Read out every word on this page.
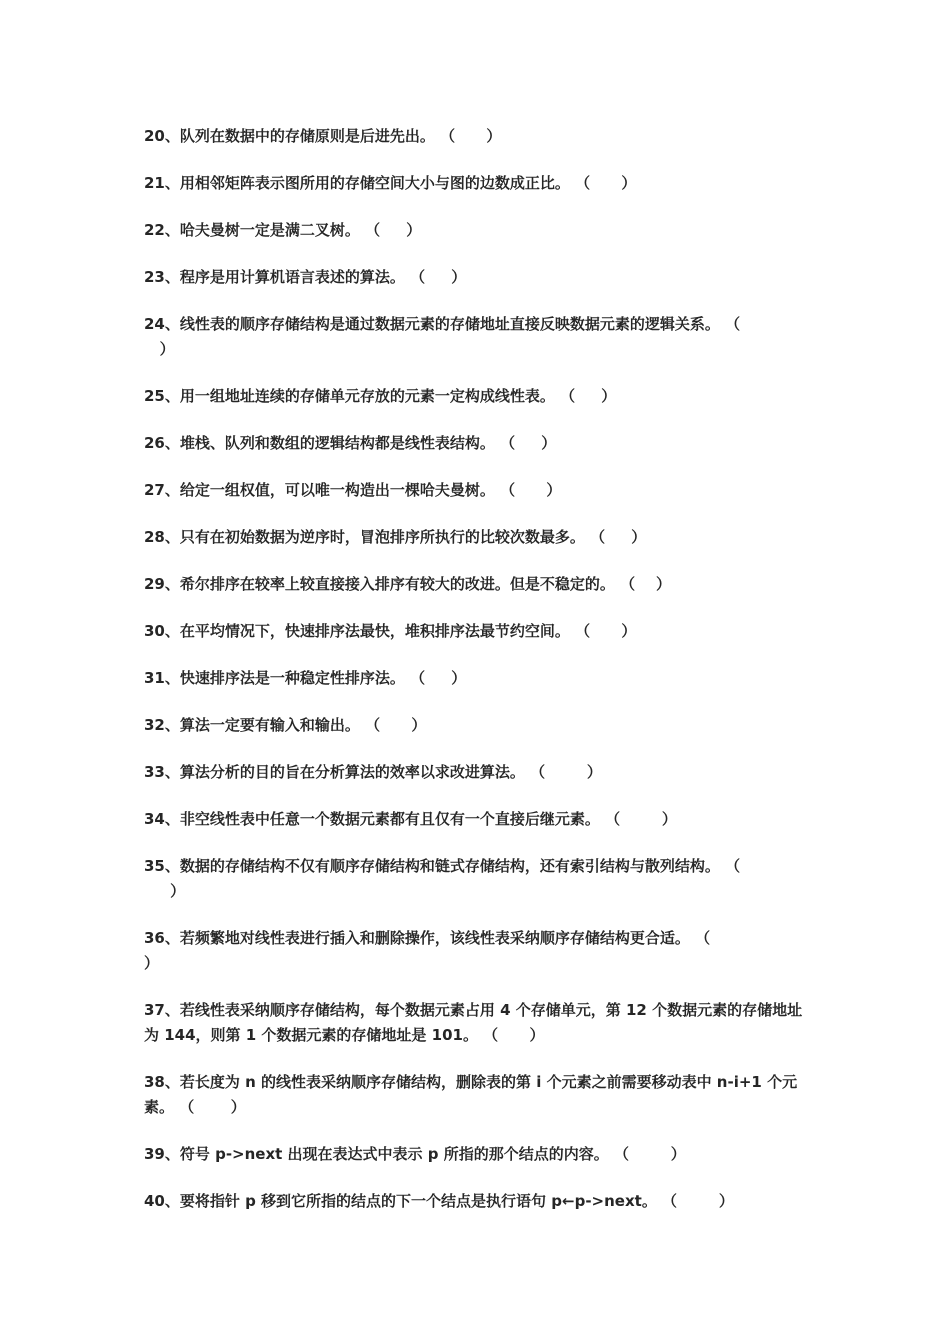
20、队列在数据中的存储原则是后进先出。 （      ）

21、用相邻矩阵表示图所用的存储空间大小与图的边数成正比。 （      ）

22、哈夫曼树一定是满二叉树。 （     ）

23、程序是用计算机语言表述的算法。 （     ）

24、线性表的顺序存储结构是通过数据元素的存储地址直接反映数据元素的逻辑关系。 （
）

25、用一组地址连续的存储单元存放的元素一定构成线性表。 （     ）

26、堆栈、队列和数组的逻辑结构都是线性表结构。 （     ）

27、给定一组权值，可以唯一构造出一棵哈夫曼树。 （      ）

28、只有在初始数据为逆序时，冒泡排序所执行的比较次数最多。 （     ）

29、希尔排序在较率上较直接接入排序有较大的改进。但是不稳定的。 （    ）

30、在平均情况下，快速排序法最快，堆积排序法最节约空间。 （      ）

31、快速排序法是一种稳定性排序法。 （     ）

32、算法一定要有输入和输出。 （      ）

33、算法分析的目的旨在分析算法的效率以求改进算法。 （        ）

34、非空线性表中任意一个数据元素都有且仅有一个直接后继元素。 （        ）

35、数据的存储结构不仅有顺序存储结构和链式存储结构，还有索引结构与散列结构。 （
）

36、若频繁地对线性表进行插入和删除操作，该线性表采纳顺序存储结构更合适。 （
）

37、若线性表采纳顺序存储结构，每个数据元素占用 4 个存储单元，第 12 个数据元素的存储地址为 144，则第 1 个数据元素的存储地址是 101。 （      ）

38、若长度为 n 的线性表采纳顺序存储结构，删除表的第 i 个元素之前需要移动表中 n-i+1 个元素。 （       ）

39、符号 p->next 出现在表达式中表示 p 所指的那个结点的内容。 （        ）

40、要将指针 p 移到它所指的结点的下一个结点是执行语句 p←p->next。 （        ）
